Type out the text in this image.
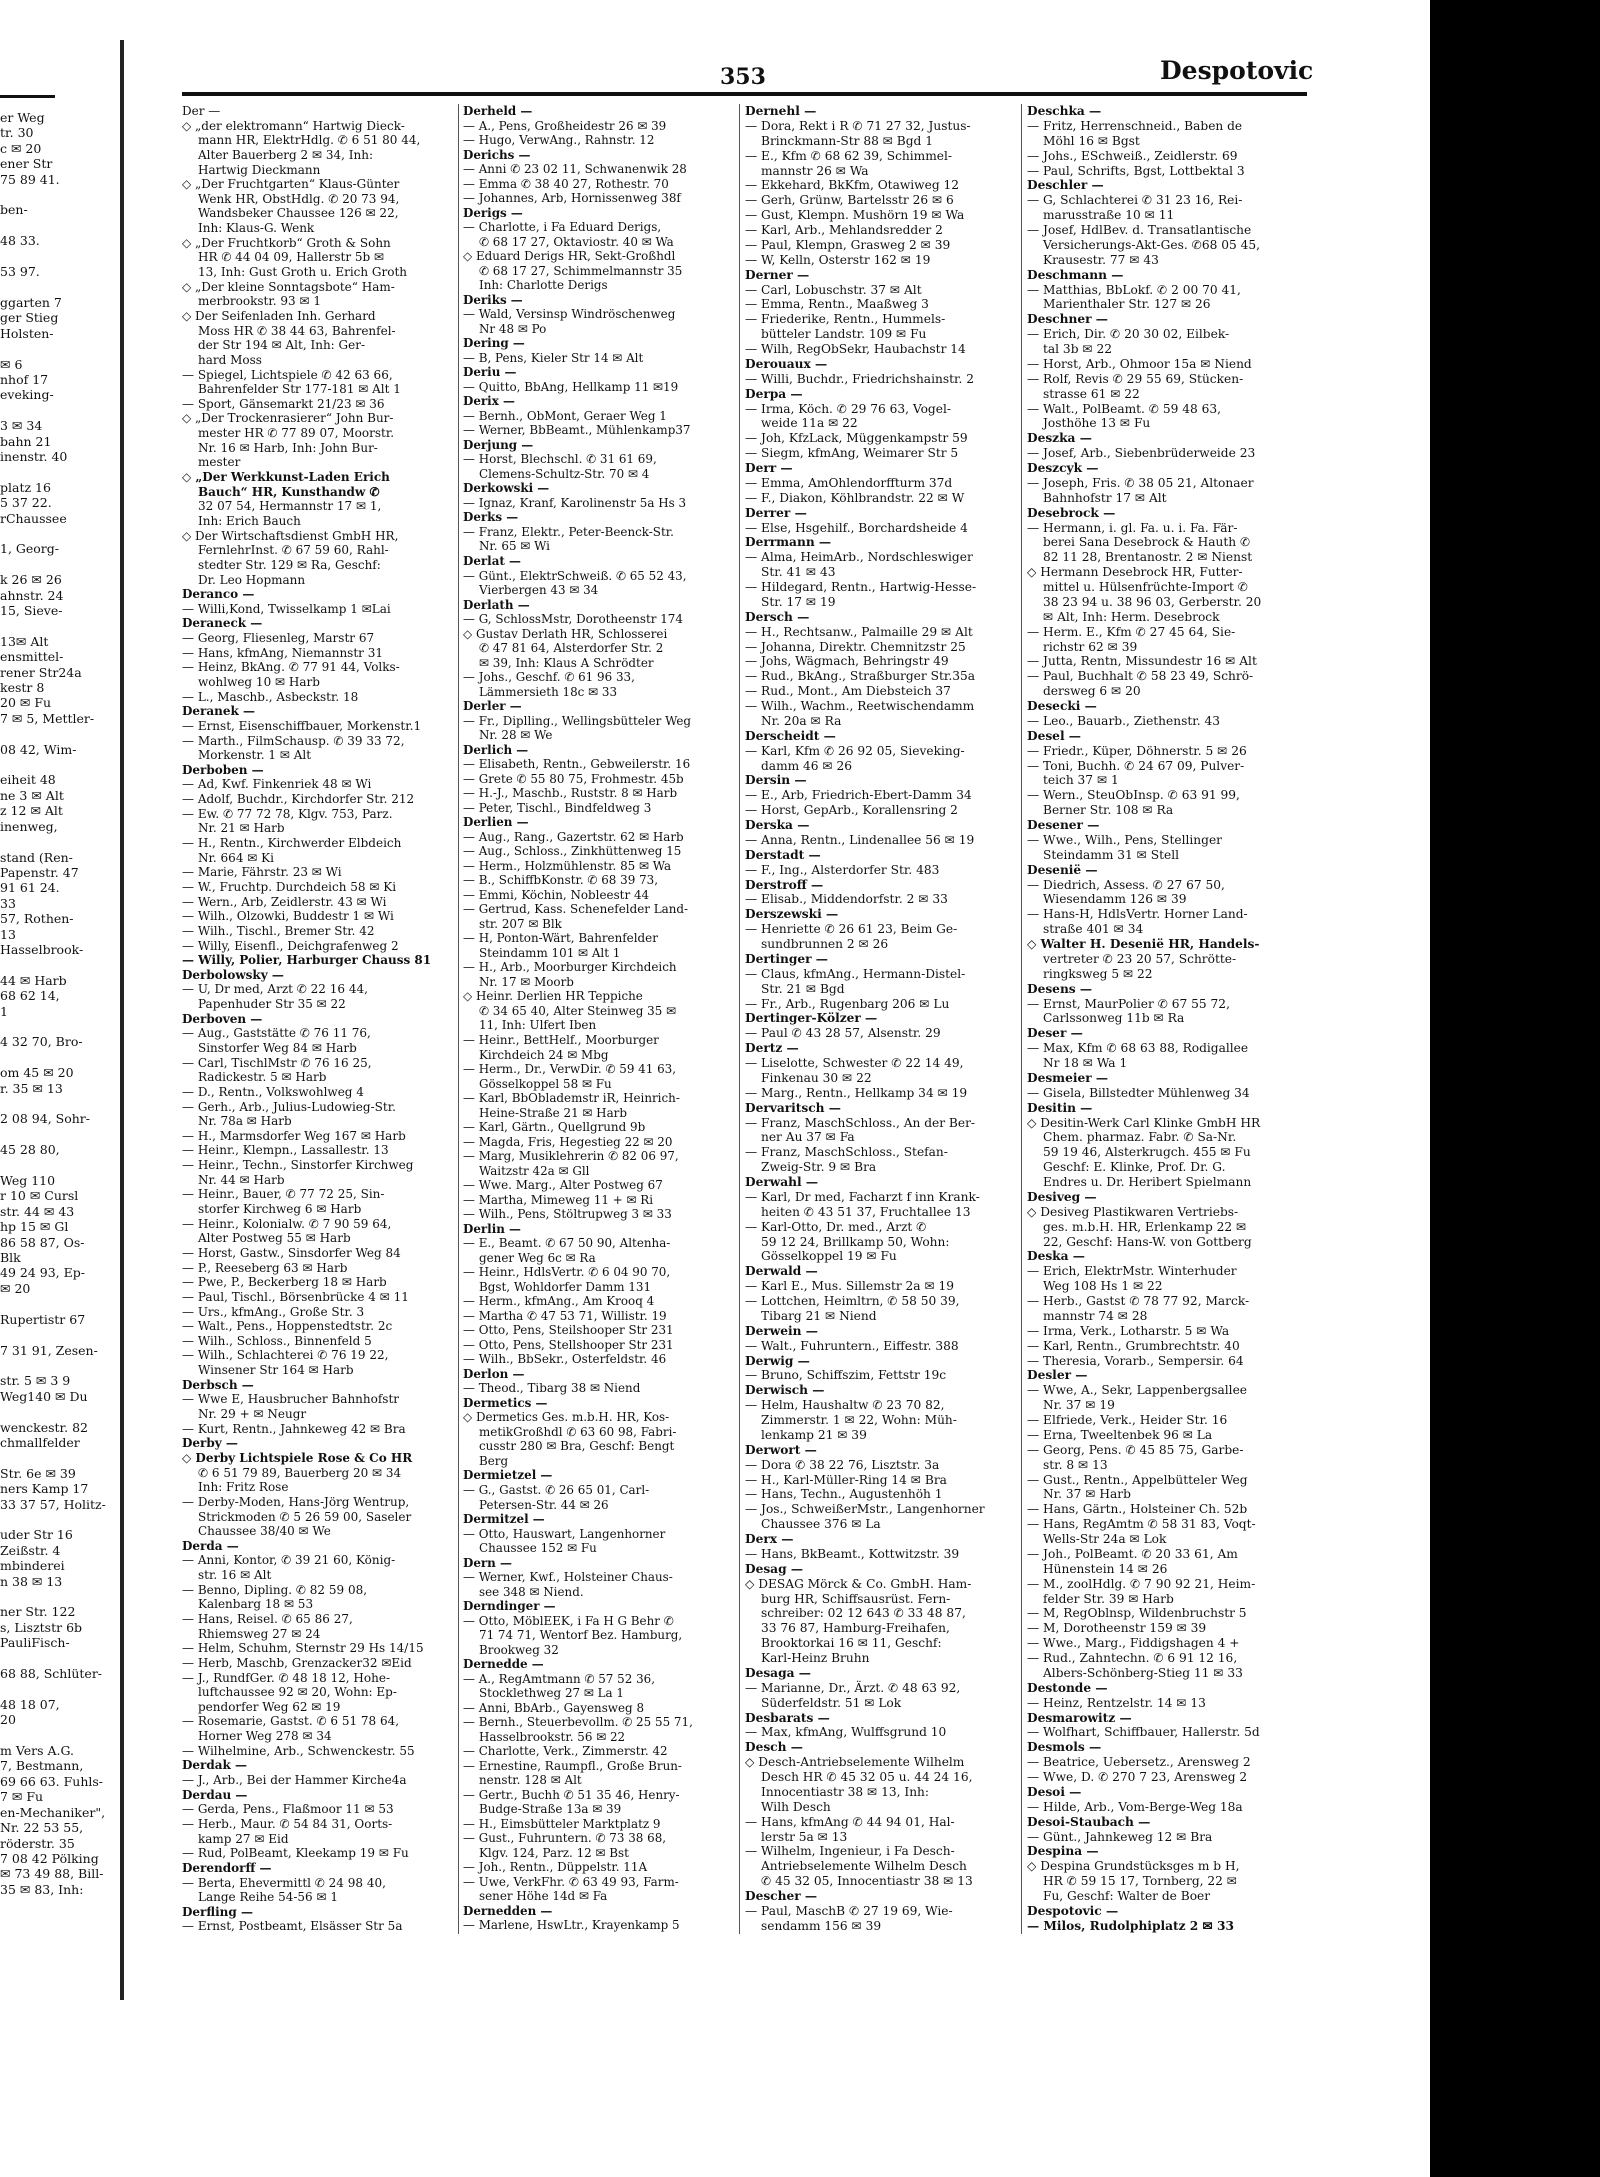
er Weg
tr. 30
c ✉ 20
ener Str
75 89 41.

ben-

48 33.

53 97.

ggarten 7
ger Stieg
Holsten-

✉ 6
nhof 17
eveking-

3 ✉ 34
bahn 21
inenstr. 40

platz 16
5 37 22.
rChaussee

1, Georg-

k 26 ✉ 26
ahnstr. 24
15, Sieve-

13✉ Alt
ensmittel-
rener Str24a
kestr 8
20 ✉ Fu
7 ✉ 5, Mettler-

08 42, Wim-

eiheit 48
ne 3 ✉ Alt
z 12 ✉ Alt
inenweg,

stand (Ren-
Papenstr. 47
91 61 24.
33
57, Rothen-
13
Hasselbrook-

44 ✉ Harb
68 62 14,
1

4 32 70, Bro-

om 45 ✉ 20
r. 35 ✉ 13

2 08 94, Sohr-

45 28 80,

Weg 110
r 10 ✉ Cursl
str. 44 ✉ 43
hp 15 ✉ Gl
86 58 87, Os-
Blk
49 24 93, Ep-
✉ 20

Rupertistr 67

7 31 91, Zesen-

str. 5 ✉ 3 9
Weg140 ✉ Du

wenckestr. 82
chmallfelder

Str. 6e ✉ 39
ners Kamp 17
33 37 57, Holitz-

uder Str 16
Zeißstr. 4
mbinderei
n 38 ✉ 13

ner Str. 122
s, Lisztstr 6b
PauliFisch-

68 88, Schlüter-

48 18 07,
20

m Vers A.G.
7, Bestmann,
69 66 63. Fuhls-
7 ✉ Fu
en-Mechaniker",
Nr. 22 53 55,
röderstr. 35
7 08 42 Pölking
✉ 73 49 88, Bill-
35 ✉ 83, Inh:
353	Despotovic
Der —
◇ „der elektromann“ Hartwig Dieck-
mann HR, ElektrHdlg. ✆ 6 51 80 44,
Alter Bauerberg 2 ✉ 34, Inh:
Hartwig Dieckmann
◇ „Der Fruchtgarten“ Klaus-Günter
Wenk HR, ObstHdlg. ✆ 20 73 94,
Wandsbeker Chaussee 126 ✉ 22,
Inh: Klaus-G. Wenk
◇ „Der Fruchtkorb“ Groth & Sohn
HR ✆ 44 04 09, Hallerstr 5b ✉
13, Inh: Gust Groth u. Erich Groth
◇ „Der kleine Sonntagsbote“ Ham-
merbrookstr. 93 ✉ 1
◇ Der Seifenladen Inh. Gerhard
Moss HR ✆ 38 44 63, Bahrenfel-
der Str 194 ✉ Alt, Inh: Ger-
hard Moss
— Spiegel, Lichtspiele ✆ 42 63 66,
Bahrenfelder Str 177-181 ✉ Alt 1
— Sport, Gänsemarkt 21/23 ✉ 36
◇ „Der Trockenrasierer“ John Bur-
mester HR ✆ 77 89 07, Moorstr.
Nr. 16 ✉ Harb, Inh: John Bur-
mester
◇ „Der Werkkunst-Laden Erich
Bauch“ HR, Kunsthandw ✆
32 07 54, Hermannstr 17 ✉ 1,
Inh: Erich Bauch
◇ Der Wirtschaftsdienst GmbH HR,
FernlehrInst. ✆ 67 59 60, Rahl-
stedter Str. 129 ✉ Ra, Geschf:
Dr. Leo Hopmann
Deranco —
— Willi,Kond, Twisselkamp 1 ✉Lai
Deraneck —
— Georg, Fliesenleg, Marstr 67
— Hans, kfmAng, Niemannstr 31
— Heinz, BkAng. ✆ 77 91 44, Volks-
wohlweg 10 ✉ Harb
— L., Maschb., Asbeckstr. 18
Deranek —
— Ernst, Eisenschiffbauer, Morkenstr.1
— Marth., FilmSchausp. ✆ 39 33 72,
Morkenstr. 1 ✉ Alt
Derboben —
— Ad, Kwf. Finkenriek 48 ✉ Wi
— Adolf, Buchdr., Kirchdorfer Str. 212
— Ew. ✆ 77 72 78, Klgv. 753, Parz.
Nr. 21 ✉ Harb
— H., Rentn., Kirchwerder Elbdeich
Nr. 664 ✉ Ki
— Marie, Fährstr. 23 ✉ Wi
— W., Fruchtp. Durchdeich 58 ✉ Ki
— Wern., Arb, Zeidlerstr. 43 ✉ Wi
— Wilh., Olzowki, Buddestr 1 ✉ Wi
— Wilh., Tischl., Bremer Str. 42
— Willy, Eisenfl., Deichgrafenweg 2
— Willy, Polier, Harburger Chauss 81
Derbolowsky —
— U, Dr med, Arzt ✆ 22 16 44,
Papenhuder Str 35 ✉ 22
Derboven —
— Aug., Gaststätte ✆ 76 11 76,
Sinstorfer Weg 84 ✉ Harb
— Carl, TischlMstr ✆ 76 16 25,
Radickestr. 5 ✉ Harb
— D., Rentn., Volkswohlweg 4
— Gerh., Arb., Julius-Ludowieg-Str.
Nr. 78a ✉ Harb
— H., Marmsdorfer Weg 167 ✉ Harb
— Heinr., Klempn., Lassallestr. 13
— Heinr., Techn., Sinstorfer Kirchweg
Nr. 44 ✉ Harb
— Heinr., Bauer, ✆ 77 72 25, Sin-
storfer Kirchweg 6 ✉ Harb
— Heinr., Kolonialw. ✆ 7 90 59 64,
Alter Postweg 55 ✉ Harb
— Horst, Gastw., Sinsdorfer Weg 84
— P., Reeseberg 63 ✉ Harb
— Pwe, P., Beckerberg 18 ✉ Harb
— Paul, Tischl., Börsenbrücke 4 ✉ 11
— Urs., kfmAng., Große Str. 3
— Walt., Pens., Hoppenstedtstr. 2c
— Wilh., Schloss., Binnenfeld 5
— Wilh., Schlachterei ✆ 76 19 22,
Winsener Str 164 ✉ Harb
Derbsch —
— Wwe E, Hausbrucher Bahnhofstr
Nr. 29 + ✉ Neugr
— Kurt, Rentn., Jahnkeweg 42 ✉ Bra
Derby —
◇ Derby Lichtspiele Rose & Co HR
✆ 6 51 79 89, Bauerberg 20 ✉ 34
Inh: Fritz Rose
— Derby-Moden, Hans-Jörg Wentrup,
Strickmoden ✆ 5 26 59 00, Saseler
Chaussee 38/40 ✉ We
Derda —
— Anni, Kontor, ✆ 39 21 60, König-
str. 16 ✉ Alt
— Benno, Dipling. ✆ 82 59 08,
Kalenbarg 18 ✉ 53
— Hans, Reisel. ✆ 65 86 27,
Rhiemsweg 27 ✉ 24
— Helm, Schuhm, Sternstr 29 Hs 14/15
— Herb, Maschb, Grenzacker32 ✉Eid
— J., RundfGer. ✆ 48 18 12, Hohe-
luftchaussee 92 ✉ 20, Wohn: Ep-
pendorfer Weg 62 ✉ 19
— Rosemarie, Gastst. ✆ 6 51 78 64,
Horner Weg 278 ✉ 34
— Wilhelmine, Arb., Schwenckestr. 55
Derdak —
— J., Arb., Bei der Hammer Kirche4a
Derdau —
— Gerda, Pens., Flaßmoor 11 ✉ 53
— Herb., Maur. ✆ 54 84 31, Oorts-
kamp 27 ✉ Eid
— Rud, PolBeamt, Kleekamp 19 ✉ Fu
Derendorff —
— Berta, Ehevermittl ✆ 24 98 40,
Lange Reihe 54-56 ✉ 1
Derfling —
— Ernst, Postbeamt, Elsässer Str 5a
Derheld —
— A., Pens, Großheidestr 26 ✉ 39
— Hugo, VerwAng., Rahnstr. 12
Derichs —
— Anni ✆ 23 02 11, Schwanenwik 28
— Emma ✆ 38 40 27, Rothestr. 70
— Johannes, Arb, Hornissenweg 38f
Derigs —
— Charlotte, i Fa Eduard Derigs,
✆ 68 17 27, Oktaviostr. 40 ✉ Wa
◇ Eduard Derigs HR, Sekt-Großhdl
✆ 68 17 27, Schimmelmannstr 35
Inh: Charlotte Derigs
Deriks —
— Wald, Versinsp Windröschenweg
Nr 48 ✉ Po
Dering —
— B, Pens, Kieler Str 14 ✉ Alt
Deriu —
— Quitto, BbAng, Hellkamp 11 ✉19
Derix —
— Bernh., ObMont, Geraer Weg 1
— Werner, BbBeamt., Mühlenkamp37
Derjung —
— Horst, Blechschl. ✆ 31 61 69,
Clemens-Schultz-Str. 70 ✉ 4
Derkowski —
— Ignaz, Kranf, Karolinenstr 5a Hs 3
Derks —
— Franz, Elektr., Peter-Beenck-Str.
Nr. 65 ✉ Wi
Derlat —
— Günt., ElektrSchweiß. ✆ 65 52 43,
Vierbergen 43 ✉ 34
Derlath —
— G, SchlossMstr, Dorotheenstr 174
◇ Gustav Derlath HR, Schlosserei
✆ 47 81 64, Alsterdorfer Str. 2
✉ 39, Inh: Klaus A Schrödter
— Johs., Geschf. ✆ 61 96 33,
Lämmersieth 18c ✉ 33
Derler —
— Fr., Diplling., Wellingsbütteler Weg
Nr. 28 ✉ We
Derlich —
— Elisabeth, Rentn., Gebweilerstr. 16
— Grete ✆ 55 80 75, Frohmestr. 45b
— H.-J., Maschb., Ruststr. 8 ✉ Harb
— Peter, Tischl., Bindfeldweg 3
Derlien —
— Aug., Rang., Gazertstr. 62 ✉ Harb
— Aug., Schloss., Zinkhüttenweg 15
— Herm., Holzmühlenstr. 85 ✉ Wa
— B., SchiffbKonstr. ✆ 68 39 73,
— Emmi, Köchin, Nobleestr 44
— Gertrud, Kass. Schenefelder Land-
str. 207 ✉ Blk
— H, Ponton-Wärt, Bahrenfelder
Steindamm 101 ✉ Alt 1
— H., Arb., Moorburger Kirchdeich
Nr. 17 ✉ Moorb
◇ Heinr. Derlien HR Teppiche
✆ 34 65 40, Alter Steinweg 35 ✉
11, Inh: Ulfert Iben
— Heinr., BettHelf., Moorburger
Kirchdeich 24 ✉ Mbg
— Herm., Dr., VerwDir. ✆ 59 41 63,
Gösselkoppel 58 ✉ Fu
— Karl, BbOblademstr iR, Heinrich-
Heine-Straße 21 ✉ Harb
— Karl, Gärtn., Quellgrund 9b
— Magda, Fris, Hegestieg 22 ✉ 20
— Marg, Musiklehrerin ✆ 82 06 97,
Waitzstr 42a ✉ Gll
— Wwe. Marg., Alter Postweg 67
— Martha, Mimeweg 11 + ✉ Ri
— Wilh., Pens, Stöltrupweg 3 ✉ 33
Derlin —
— E., Beamt. ✆ 67 50 90, Altenha-
gener Weg 6c ✉ Ra
— Heinr., HdlsVertr. ✆ 6 04 90 70,
Bgst, Wohldorfer Damm 131
— Herm., kfmAng., Am Krooq 4
— Martha ✆ 47 53 71, Willistr. 19
— Otto, Pens, Steilshooper Str 231
— Otto, Pens, Stellshooper Str 231
— Wilh., BbSekr., Osterfeldstr. 46
Derlon —
— Theod., Tibarg 38 ✉ Niend
Dermetics —
◇ Dermetics Ges. m.b.H. HR, Kos-
metikGroßhdl ✆ 63 60 98, Fabri-
cusstr 280 ✉ Bra, Geschf: Bengt
Berg
Dermietzel —
— G., Gastst. ✆ 26 65 01, Carl-
Petersen-Str. 44 ✉ 26
Dermitzel —
— Otto, Hauswart, Langenhorner
Chaussee 152 ✉ Fu
Dern —
— Werner, Kwf., Holsteiner Chaus-
see 348 ✉ Niend.
Derndinger —
— Otto, MöblEEK, i Fa H G Behr ✆
71 74 71, Wentorf Bez. Hamburg,
Brookweg 32
Dernedde —
— A., RegAmtmann ✆ 57 52 36,
Stocklethweg 27 ✉ La 1
— Anni, BbArb., Gayensweg 8
— Bernh., Steuerbevollm. ✆ 25 55 71,
Hasselbrookstr. 56 ✉ 22
— Charlotte, Verk., Zimmerstr. 42
— Ernestine, Raumpfl., Große Brun-
nenstr. 128 ✉ Alt
— Gertr., Buchh ✆ 51 35 46, Henry-
Budge-Straße 13a ✉ 39
— H., Eimsbütteler Marktplatz 9
— Gust., Fuhruntern. ✆ 73 38 68,
Klgv. 124, Parz. 12 ✉ Bst
— Joh., Rentn., Düppelstr. 11A
— Uwe, VerkFhr. ✆ 63 49 93, Farm-
sener Höhe 14d ✉ Fa
Dernedden —
— Marlene, HswLtr., Krayenkamp 5
Dernehl —
— Dora, Rekt i R ✆ 71 27 32, Justus-
Brinckmann-Str 88 ✉ Bgd 1
— E., Kfm ✆ 68 62 39, Schimmel-
mannstr 26 ✉ Wa
— Ekkehard, BkKfm, Otawiweg 12
— Gerh, Grünw, Bartelsstr 26 ✉ 6
— Gust, Klempn. Mushörn 19 ✉ Wa
— Karl, Arb., Mehlandsredder 2
— Paul, Klempn, Grasweg 2 ✉ 39
— W, Kelln, Osterstr 162 ✉ 19
Derner —
— Carl, Lobuschstr. 37 ✉ Alt
— Emma, Rentn., Maaßweg 3
— Friederike, Rentn., Hummels-
bütteler Landstr. 109 ✉ Fu
— Wilh, RegObSekr, Haubachstr 14
Derouaux —
— Willi, Buchdr., Friedrichshainstr. 2
Derpa —
— Irma, Köch. ✆ 29 76 63, Vogel-
weide 11a ✉ 22
— Joh, KfzLack, Müggenkampstr 59
— Siegm, kfmAng, Weimarer Str 5
Derr —
— Emma, AmOhlendorffturm 37d
— F., Diakon, Köhlbrandstr. 22 ✉ W
Derrer —
— Else, Hsgehilf., Borchardsheide 4
Derrmann —
— Alma, HeimArb., Nordschleswiger
Str. 41 ✉ 43
— Hildegard, Rentn., Hartwig-Hesse-
Str. 17 ✉ 19
Dersch —
— H., Rechtsanw., Palmaille 29 ✉ Alt
— Johanna, Direktr. Chemnitzstr 25
— Johs, Wägmach, Behringstr 49
— Rud., BkAng., Straßburger Str.35a
— Rud., Mont., Am Diebsteich 37
— Wilh., Wachm., Reetwischendamm
Nr. 20a ✉ Ra
Derscheidt —
— Karl, Kfm ✆ 26 92 05, Sieveking-
damm 46 ✉ 26
Dersin —
— E., Arb, Friedrich-Ebert-Damm 34
— Horst, GepArb., Korallensring 2
Derska —
— Anna, Rentn., Lindenallee 56 ✉ 19
Derstadt —
— F., Ing., Alsterdorfer Str. 483
Derstroff —
— Elisab., Middendorfstr. 2 ✉ 33
Derszewski —
— Henriette ✆ 26 61 23, Beim Ge-
sundbrunnen 2 ✉ 26
Dertinger —
— Claus, kfmAng., Hermann-Distel-
Str. 21 ✉ Bgd
— Fr., Arb., Rugenbarg 206 ✉ Lu
Dertinger-Kölzer —
— Paul ✆ 43 28 57, Alsenstr. 29
Dertz —
— Liselotte, Schwester ✆ 22 14 49,
Finkenau 30 ✉ 22
— Marg., Rentn., Hellkamp 34 ✉ 19
Dervaritsch —
— Franz, MaschSchloss., An der Ber-
ner Au 37 ✉ Fa
— Franz, MaschSchloss., Stefan-
Zweig-Str. 9 ✉ Bra
Derwahl —
— Karl, Dr med, Facharzt f inn Krank-
heiten ✆ 43 51 37, Fruchtallee 13
— Karl-Otto, Dr. med., Arzt ✆
59 12 24, Brillkamp 50, Wohn:
Gösselkoppel 19 ✉ Fu
Derwald —
— Karl E., Mus. Sillemstr 2a ✉ 19
— Lottchen, Heimltrn, ✆ 58 50 39,
Tibarg 21 ✉ Niend
Derwein —
— Walt., Fuhruntern., Eiffestr. 388
Derwig —
— Bruno, Schiffszim, Fettstr 19c
Derwisch —
— Helm, Haushaltw ✆ 23 70 82,
Zimmerstr. 1 ✉ 22, Wohn: Müh-
lenkamp 21 ✉ 39
Derwort —
— Dora ✆ 38 22 76, Lisztstr. 3a
— H., Karl-Müller-Ring 14 ✉ Bra
— Hans, Techn., Augustenhöh 1
— Jos., SchweißerMstr., Langenhorner
Chaussee 376 ✉ La
Derx —
— Hans, BkBeamt., Kottwitzstr. 39
Desag —
◇ DESAG Mörck & Co. GmbH. Ham-
burg HR, Schiffsausrüst. Fern-
schreiber: 02 12 643 ✆ 33 48 87,
33 76 87, Hamburg-Freihafen,
Brooktorkai 16 ✉ 11, Geschf:
Karl-Heinz Bruhn
Desaga —
— Marianne, Dr., Ärzt. ✆ 48 63 92,
Süderfeldstr. 51 ✉ Lok
Desbarats —
— Max, kfmAng, Wulffsgrund 10
Desch —
◇ Desch-Antriebselemente Wilhelm
Desch HR ✆ 45 32 05 u. 44 24 16,
Innocentiastr 38 ✉ 13, Inh:
Wilh Desch
— Hans, kfmAng ✆ 44 94 01, Hal-
lerstr 5a ✉ 13
— Wilhelm, Ingenieur, i Fa Desch-
Antriebselemente Wilhelm Desch
✆ 45 32 05, Innocentiastr 38 ✉ 13
Descher —
— Paul, MaschB ✆ 27 19 69, Wie-
sendamm 156 ✉ 39
Deschka —
— Fritz, Herrenschneid., Baben de
Möhl 16 ✉ Bgst
— Johs., ESchweiß., Zeidlerstr. 69
— Paul, Schrifts, Bgst, Lottbektal 3
Deschler —
— G, Schlachterei ✆ 31 23 16, Rei-
marusstraße 10 ✉ 11
— Josef, HdlBev. d. Transatlantische
Versicherungs-Akt-Ges. ✆68 05 45,
Krausestr. 77 ✉ 43
Deschmann —
— Matthias, BbLokf. ✆ 2 00 70 41,
Marienthaler Str. 127 ✉ 26
Deschner —
— Erich, Dir. ✆ 20 30 02, Eilbek-
tal 3b ✉ 22
— Horst, Arb., Ohmoor 15a ✉ Niend
— Rolf, Revis ✆ 29 55 69, Stücken-
strasse 61 ✉ 22
— Walt., PolBeamt. ✆ 59 48 63,
Josthöhe 13 ✉ Fu
Deszka —
— Josef, Arb., Siebenbrüderweide 23
Deszcyk —
— Joseph, Fris. ✆ 38 05 21, Altonaer
Bahnhofstr 17 ✉ Alt
Desebrock —
— Hermann, i. gl. Fa. u. i. Fa. Fär-
berei Sana Desebrock & Hauth ✆
82 11 28, Brentanostr. 2 ✉ Nienst
◇ Hermann Desebrock HR, Futter-
mittel u. Hülsenfrüchte-Import ✆
38 23 94 u. 38 96 03, Gerberstr. 20
✉ Alt, Inh: Herm. Desebrock
— Herm. E., Kfm ✆ 27 45 64, Sie-
richstr 62 ✉ 39
— Jutta, Rentn, Missundestr 16 ✉ Alt
— Paul, Buchhalt ✆ 58 23 49, Schrö-
dersweg 6 ✉ 20
Desecki —
— Leo., Bauarb., Ziethenstr. 43
Desel —
— Friedr., Küper, Döhnerstr. 5 ✉ 26
— Toni, Buchh. ✆ 24 67 09, Pulver-
teich 37 ✉ 1
— Wern., SteuObInsp. ✆ 63 91 99,
Berner Str. 108 ✉ Ra
Desener —
— Wwe., Wilh., Pens, Stellinger
Steindamm 31 ✉ Stell
Desenië —
— Diedrich, Assess. ✆ 27 67 50,
Wiesendamm 126 ✉ 39
— Hans-H, HdlsVertr. Horner Land-
straße 401 ✉ 34
◇ Walter H. Desenië HR, Handels-
vertreter ✆ 23 20 57, Schrötte-
ringksweg 5 ✉ 22
Desens —
— Ernst, MaurPolier ✆ 67 55 72,
Carlssonweg 11b ✉ Ra
Deser —
— Max, Kfm ✆ 68 63 88, Rodigallee
Nr 18 ✉ Wa 1
Desmeier —
— Gisela, Billstedter Mühlenweg 34
Desitin —
◇ Desitin-Werk Carl Klinke GmbH HR
Chem. pharmaz. Fabr. ✆ Sa-Nr.
59 19 46, Alsterkrugch. 455 ✉ Fu
Geschf: E. Klinke, Prof. Dr. G.
Endres u. Dr. Heribert Spielmann
Desiveg —
◇ Desiveg Plastikwaren Vertriebs-
ges. m.b.H. HR, Erlenkamp 22 ✉
22, Geschf: Hans-W. von Gottberg
Deska —
— Erich, ElektrMstr. Winterhuder
Weg 108 Hs 1 ✉ 22
— Herb., Gastst ✆ 78 77 92, Marck-
mannstr 74 ✉ 28
— Irma, Verk., Lotharstr. 5 ✉ Wa
— Karl, Rentn., Grumbrechtstr. 40
— Theresia, Vorarb., Sempersir. 64
Desler —
— Wwe, A., Sekr, Lappenbergsallee
Nr. 37 ✉ 19
— Elfriede, Verk., Heider Str. 16
— Erna, Tweeltenbek 96 ✉ La
— Georg, Pens. ✆ 45 85 75, Garbe-
str. 8 ✉ 13
— Gust., Rentn., Appelbütteler Weg
Nr. 37 ✉ Harb
— Hans, Gärtn., Holsteiner Ch. 52b
— Hans, RegAmtm ✆ 58 31 83, Voqt-
Wells-Str 24a ✉ Lok
— Joh., PolBeamt. ✆ 20 33 61, Am
Hünenstein 14 ✉ 26
— M., zoolHdlg. ✆ 7 90 92 21, Heim-
felder Str. 39 ✉ Harb
— M, RegOblnsp, Wildenbruchstr 5
— M, Dorotheenstr 159 ✉ 39
— Wwe., Marg., Fiddigshagen 4 +
— Rud., Zahntechn. ✆ 6 91 12 16,
Albers-Schönberg-Stieg 11 ✉ 33
Destonde —
— Heinz, Rentzelstr. 14 ✉ 13
Desmarowitz —
— Wolfhart, Schiffbauer, Hallerstr. 5d
Desmols —
— Beatrice, Uebersetz., Arensweg 2
— Wwe, D. ✆ 270 7 23, Arensweg 2
Desoi —
— Hilde, Arb., Vom-Berge-Weg 18a
Desoi-Staubach —
— Günt., Jahnkeweg 12 ✉ Bra
Despina —
◇ Despina Grundstücksges m b H,
HR ✆ 59 15 17, Tornberg, 22 ✉
Fu, Geschf: Walter de Boer
Despotovic —
— Milos, Rudolphiplatz 2 ✉ 33
